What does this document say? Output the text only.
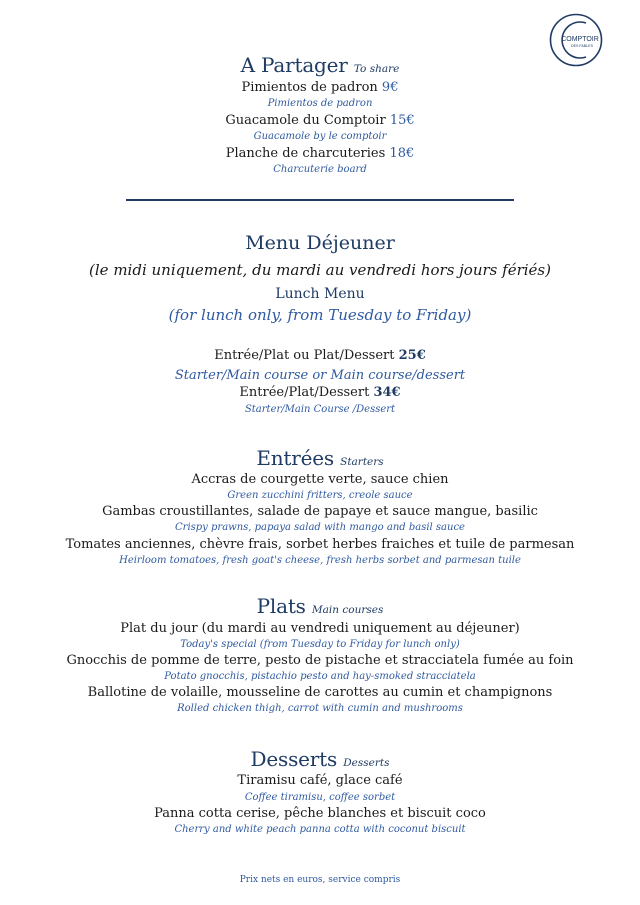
COMPTOIR
DES FABLES
A Partager To share
Pimientos de padron 9€
Pimientos de padron
Guacamole du Comptoir 15€
Guacamole by le comptoir
Planche de charcuteries 18€
Charcuterie board
Menu Déjeuner
(le midi uniquement, du mardi au vendredi hors jours fériés)
Lunch Menu
(for lunch only, from Tuesday to Friday)
Entrée/Plat ou Plat/Dessert 25€
Starter/Main course or Main course/dessert
Entrée/Plat/Dessert 34€
Starter/Main Course /Dessert
Entrées Starters
Accras de courgette verte, sauce chien
Green zucchini fritters, creole sauce
Gambas croustillantes, salade de papaye et sauce mangue, basilic
Crispy prawns, papaya salad with mango and basil sauce
Tomates anciennes, chèvre frais, sorbet herbes fraiches et tuile de parmesan
Heirloom tomatoes, fresh goat's cheese, fresh herbs sorbet and parmesan tuile
Plats Main courses
Plat du jour (du mardi au vendredi uniquement au déjeuner)
Today's special (from Tuesday to Friday for lunch only)
Gnocchis de pomme de terre, pesto de pistache et stracciatela fumée au foin
Potato gnocchis, pistachio pesto and hay-smoked stracciatela
Ballotine de volaille, mousseline de carottes au cumin et champignons
Rolled chicken thigh, carrot with cumin and mushrooms
Desserts Desserts
Tiramisu café, glace café
Coffee tiramisu, coffee sorbet
Panna cotta cerise, pêche blanches et biscuit coco
Cherry and white peach panna cotta with coconut biscuit
Prix nets en euros, service compris
